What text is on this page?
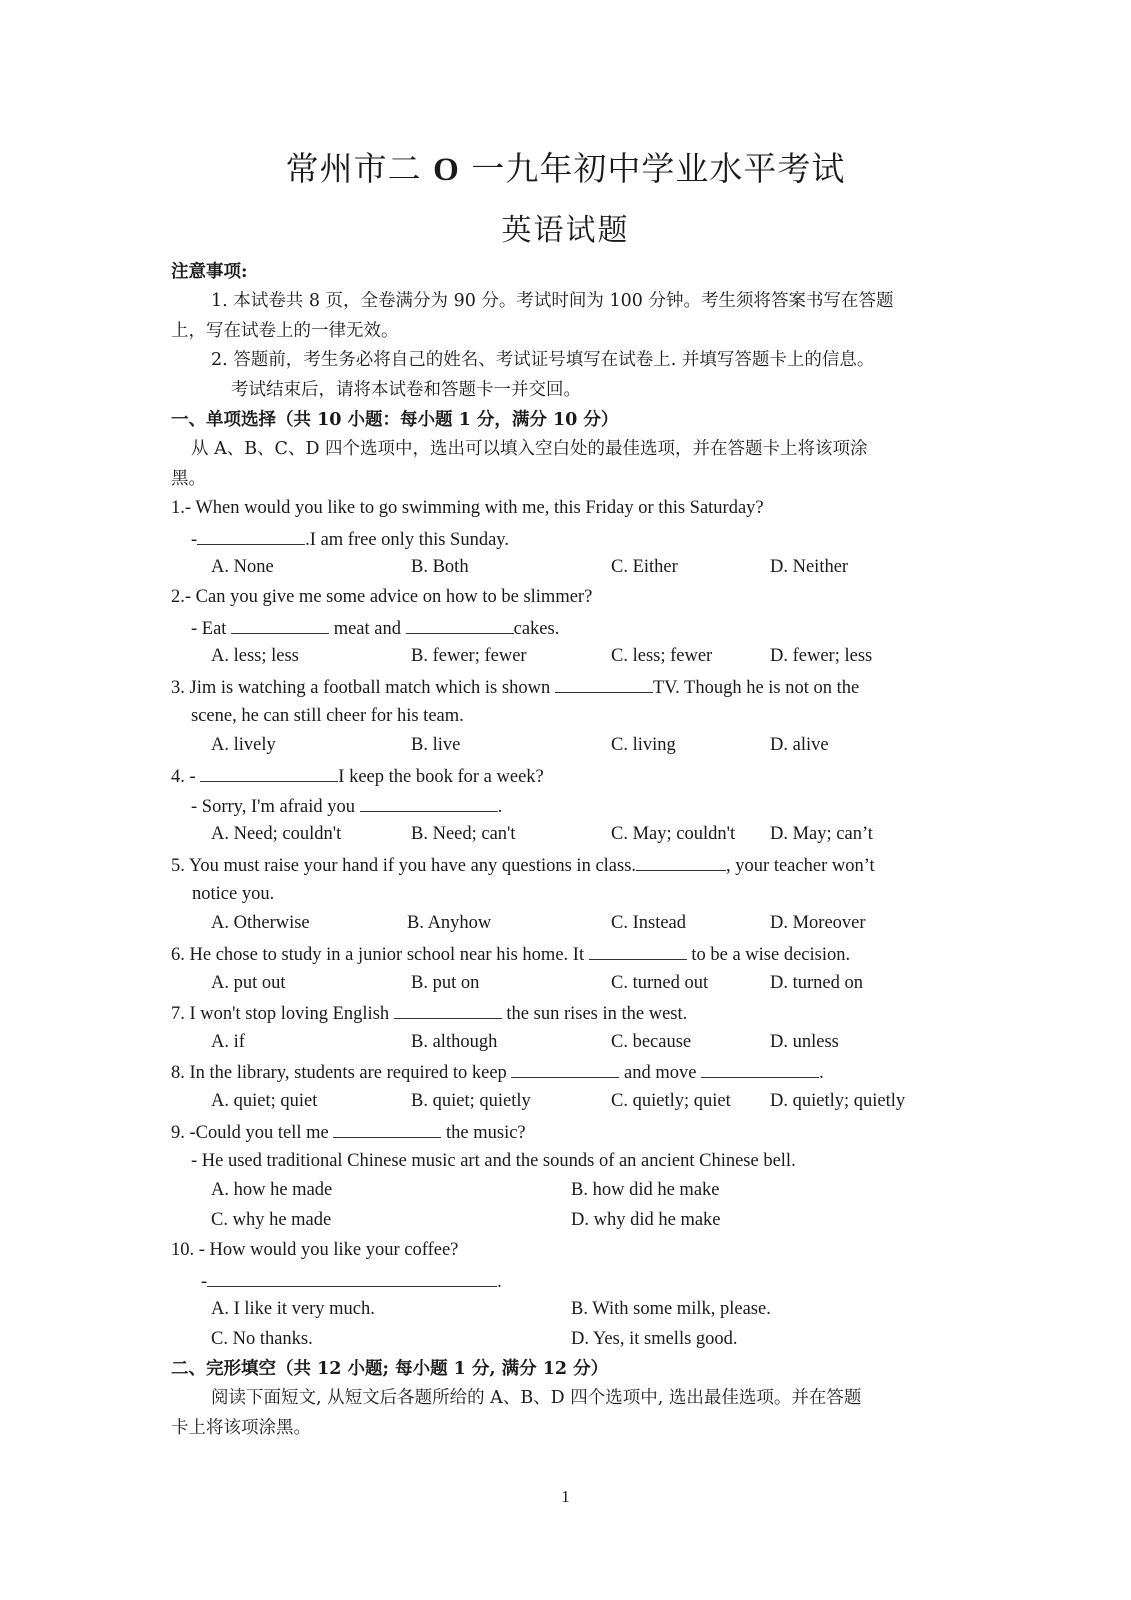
常州市二 O 一九年初中学业水平考试
英语试题
注意事项:
1. 本试卷共 8 页，全卷满分为 90 分。考试时间为 100 分钟。考生须将答案书写在答题
上，写在试卷上的一律无效。
2. 答题前，考生务必将自己的姓名、考试证号填写在试卷上. 并填写答题卡上的信息。
考试结束后，请将本试卷和答题卡一并交回。
一、单项选择（共 10 小题：每小题 1 分，满分 10 分）
从 A、B、C、D 四个选项中，选出可以填入空白处的最佳选项，并在答题卡上将该项涂
黑。
1.- When would you like to go swimming with me, this Friday or this Saturday?
-	.I am free only this Sunday.
A. None	B. Both	C. Either	D. Neither
2.- Can you give me some advice on how to be slimmer?
- Eat	meat and	cakes.
A. less; less	B. fewer; fewer	C. less; fewer	D. fewer; less
3. Jim is watching a football match which is shown	TV. Though he is not on the
scene, he can still cheer for his team.
A. lively	B. live	C. living	D. alive
4. -	I keep the book for a week?
- Sorry, I'm afraid you	.
A. Need; couldn't	B. Need; can't	C. May; couldn't D. May; can’t
5. You must raise your hand if you have any questions in class.	, your teacher won’t
notice you.
A. Otherwise	B. Anyhow	C. Instead	D. Moreover
6. He chose to study in a junior school near his home. It	to be a wise decision.
A. put out	B. put on	C. turned out	D. turned on
7. I won't stop loving English	the sun rises in the west.
A. if	B. although	C. because	D. unless
8. In the library, students are required to keep	and move	.
A. quiet; quiet	B. quiet; quietly	C. quietly; quiet D. quietly; quietly
9. -Could you tell me	the music?
- He used traditional Chinese music art and the sounds of an ancient Chinese bell.
A. how he made	B. how did he make
C. why he made	D. why did he make
10. - How would you like your coffee?
-	.
A. I like it very much.	B. With some milk, please.
C. No thanks.	D. Yes, it smells good.
二、完形填空（共 12 小题; 每小题 1 分, 满分 12 分）
阅读下面短文, 从短文后各题所给的 A、B、D 四个选项中, 选出最佳选项。并在答题
卡上将该项涂黑。
1
